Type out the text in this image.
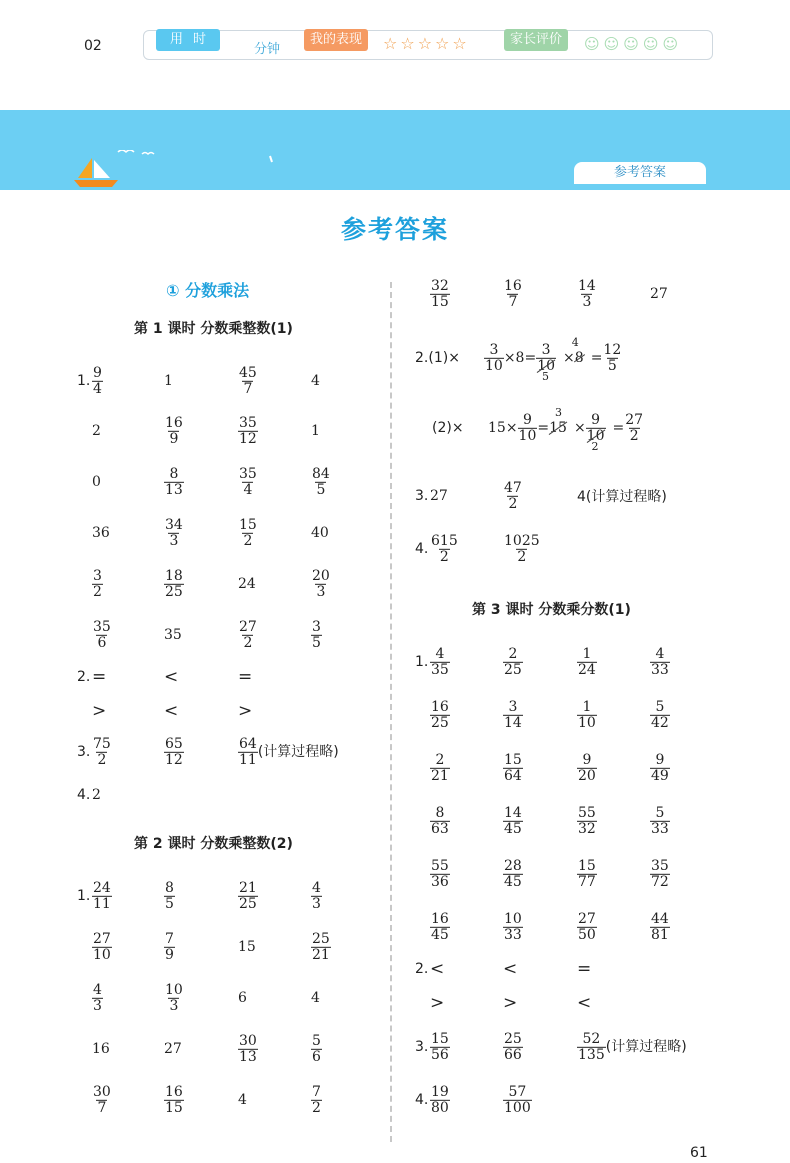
02	用时
分钟
我的表现	☆☆☆☆☆	家长评价	☺☺☺☺☺
参考答案
参考答案
① 分数乘法
第 1 课时 分数乘整数(1)
第 2 课时 分数乘整数(2)
第 3 课时 分数乘分数(1)
1. $\frac{9}{4}$	1	$\frac{45}{7}$	4
2	$\frac{16}{9}$	$\frac{35}{12}$	1
0	$\frac{8}{13}$	$\frac{35}{4}$	$\frac{84}{5}$
36	$\frac{34}{3}$	$\frac{15}{2}$	40
$\frac{3}{2}$	$\frac{18}{25}$	24	$\frac{20}{3}$
$\frac{35}{6}$	35	$\frac{27}{2}$	$\frac{3}{5}$
2. =	<	=
>	<	>
3. $\frac{75}{2}$	$\frac{65}{12}$	$\frac{64}{11}$ (计算过程略)
4. 2
1. $\frac{24}{11}$	$\frac{8}{5}$	$\frac{21}{25}$	$\frac{4}{3}$
$\frac{27}{10}$	$\frac{7}{9}$	15	$\frac{25}{21}$
$\frac{4}{3}$	$\frac{10}{3}$	6	4
16	27	$\frac{30}{13}$	$\frac{5}{6}$
$\frac{30}{7}$	$\frac{16}{15}$	4	$\frac{7}{2}$
$\frac{32}{15}$	$\frac{16}{7}$	$\frac{14}{3}$	27
3. 27	$\frac{47}{2}$	4(计算过程略)
4. $\frac{615}{2}$	$\frac{1025}{2}$
1. $\frac{4}{35}$	$\frac{2}{25}$	$\frac{1}{24}$	$\frac{4}{33}$
$\frac{16}{25}$	$\frac{3}{14}$	$\frac{1}{10}$	$\frac{5}{42}$
$\frac{2}{21}$	$\frac{15}{64}$	$\frac{9}{20}$	$\frac{9}{49}$
$\frac{8}{63}$	$\frac{14}{45}$	$\frac{55}{32}$	$\frac{5}{33}$
$\frac{55}{36}$	$\frac{28}{45}$	$\frac{15}{77}$	$\frac{35}{72}$
$\frac{16}{45}$	$\frac{10}{33}$	$\frac{27}{50}$	$\frac{44}{81}$
2. <	<	=
>	>	<
3. $\frac{15}{56}$	$\frac{25}{66}$	$\frac{52}{135}$ (计算过程略)
4. $\frac{19}{80}$	$\frac{57}{100}$
$2.(1)\times \frac{3}{10} \times 8= \frac{3}{10}$
$_5\times 8^4= \frac{12}{5}$
$(2)\times 15\times \frac{9}{10} =15^3\times \frac{9}{10}$
$_2= \frac{27}{2}$
61
